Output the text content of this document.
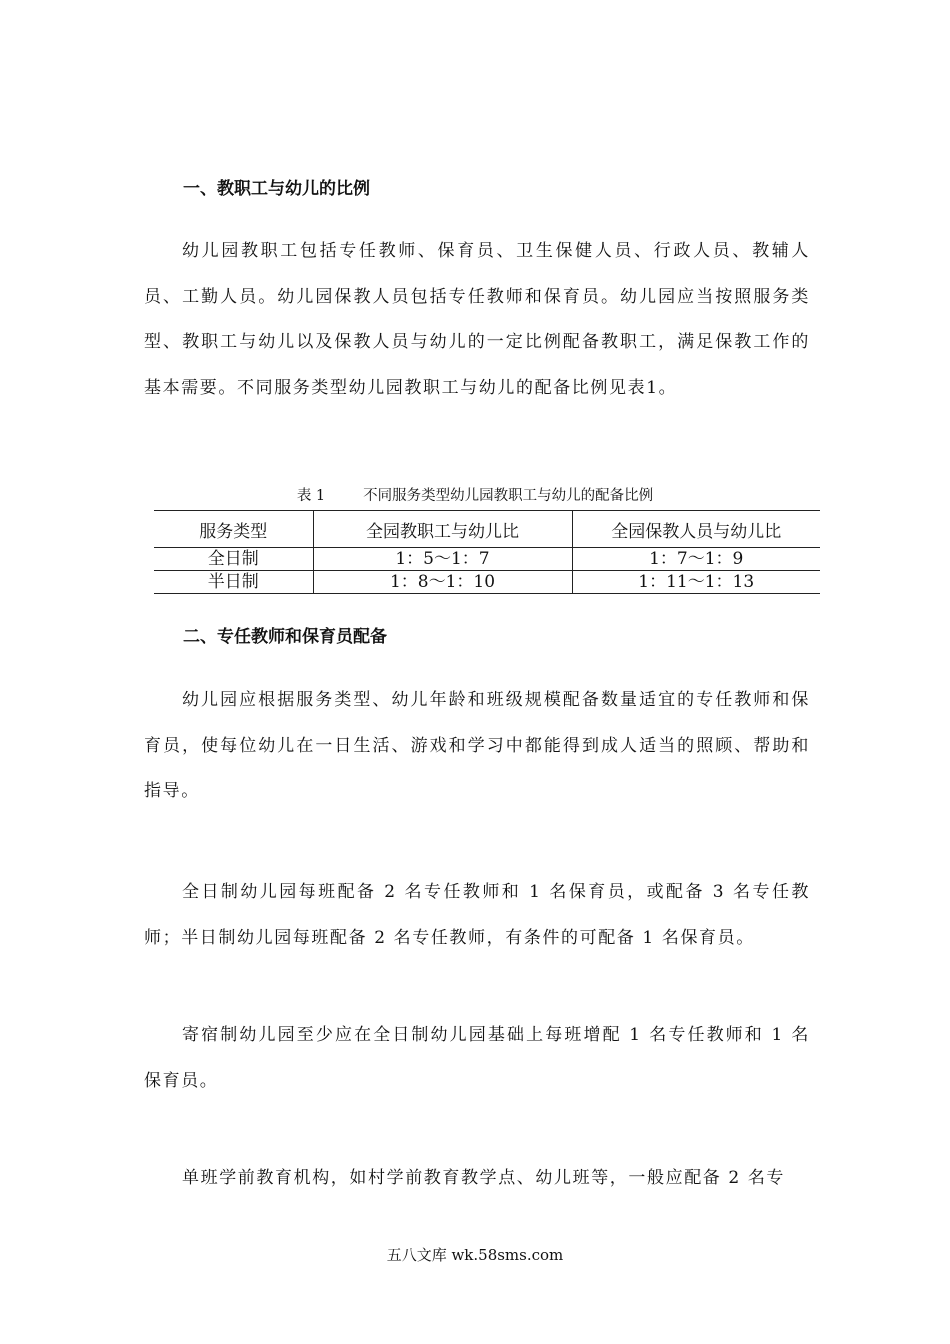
一、教职工与幼儿的比例

幼儿园教职工包括专任教师、保育员、卫生保健人员、行政人员、教辅人员、工勤人员。幼儿园保教人员包括专任教师和保育员。幼儿园应当按照服务类型、教职工与幼儿以及保教人员与幼儿的一定比例配备教职工，满足保教工作的基本需要。不同服务类型幼儿园教职工与幼儿的配备比例见表1。

表 1	不同服务类型幼儿园教职工与幼儿的配备比例

服务类型	全园教职工与幼儿比	全园保教人员与幼儿比
全日制	1：5～1：7	1：7～1：9
半日制	1：8～1：10	1：11～1：13
二、专任教师和保育员配备

幼儿园应根据服务类型、幼儿年龄和班级规模配备数量适宜的专任教师和保育员，使每位幼儿在一日生活、游戏和学习中都能得到成人适当的照顾、帮助和指导。

全日制幼儿园每班配备 2 名专任教师和 1 名保育员，或配备 3 名专任教师；半日制幼儿园每班配备 2 名专任教师，有条件的可配备 1 名保育员。

寄宿制幼儿园至少应在全日制幼儿园基础上每班增配 1 名专任教师和 1 名保育员。

单班学前教育机构，如村学前教育教学点、幼儿班等，一般应配备 2 名专

五八文库 wk.58sms.com
